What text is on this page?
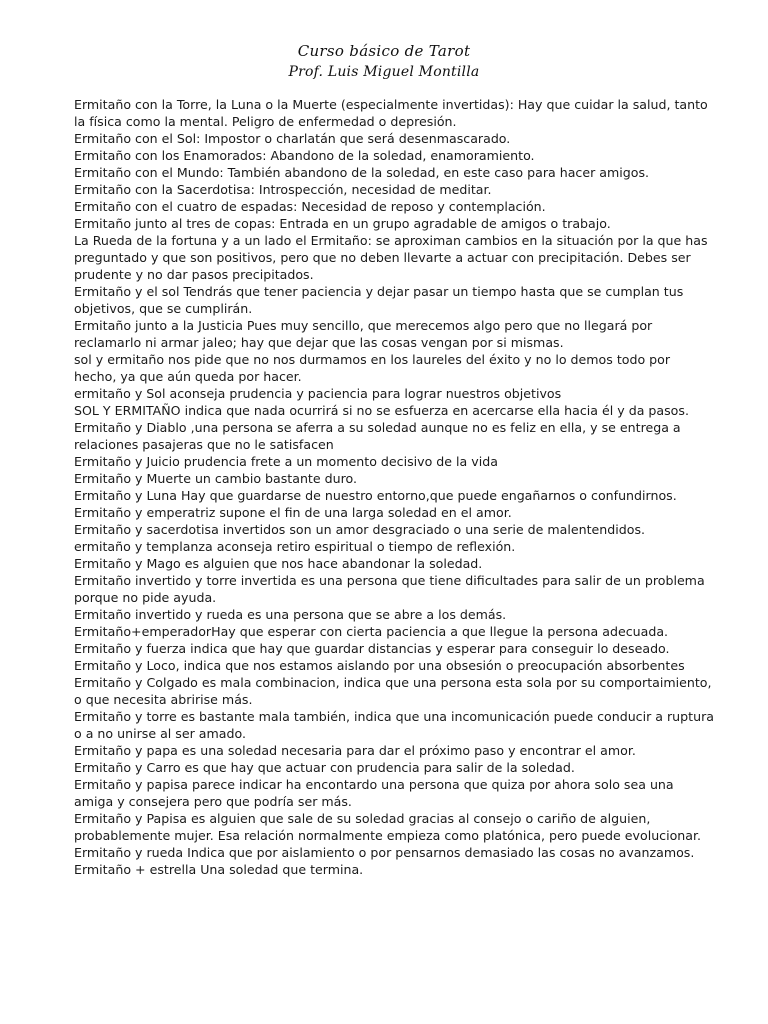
Curso básico de Tarot
Prof. Luis Miguel Montilla

Ermitaño con la Torre, la Luna o la Muerte (especialmente invertidas): Hay que cuidar la salud, tanto la física como la mental. Peligro de enfermedad o depresión.

Ermitaño con el Sol: Impostor o charlatán que será desenmascarado.

Ermitaño con los Enamorados: Abandono de la soledad, enamoramiento.

Ermitaño con el Mundo: También abandono de la soledad, en este caso para hacer amigos.

Ermitaño con la Sacerdotisa: Introspección, necesidad de meditar.

Ermitaño con el cuatro de espadas: Necesidad de reposo y contemplación.

Ermitaño junto al tres de copas: Entrada en un grupo agradable de amigos o trabajo.

La Rueda de la fortuna y a un lado el Ermitaño: se aproximan cambios en la situación por la que has preguntado y que son positivos, pero que no deben llevarte a actuar con precipitación. Debes ser prudente y no dar pasos precipitados.

Ermitaño y el sol Tendrás que tener paciencia y dejar pasar un tiempo hasta que se cumplan tus objetivos, que se cumplirán.

Ermitaño junto a la Justicia Pues muy sencillo, que merecemos algo pero que no llegará por reclamarlo ni armar jaleo; hay que dejar que las cosas vengan por si mismas.

sol y ermitaño nos pide que no nos durmamos en los laureles del éxito y no lo demos todo por hecho, ya que aún queda por hacer.

ermitaño y Sol aconseja prudencia y paciencia para lograr nuestros objetivos

SOL Y ERMITAÑO indica que nada ocurrirá si no se esfuerza en acercarse ella hacia él y da pasos.

Ermitaño y Diablo ,una persona se aferra a su soledad aunque no es feliz en ella, y se entrega a relaciones pasajeras que no le satisfacen

Ermitaño y Juicio prudencia frete a un momento decisivo de la vida

Ermitaño y Muerte un cambio bastante duro.

Ermitaño y Luna Hay que guardarse de nuestro entorno,que puede engañarnos o confundirnos.

Ermitaño y emperatriz supone el fin de una larga soledad en el amor.

Ermitaño y sacerdotisa invertidos son un amor desgraciado o una serie de malentendidos.

ermitaño y templanza aconseja retiro espiritual o tiempo de reflexión.

Ermitaño y Mago es alguien que nos hace abandonar la soledad.

Ermitaño invertido y torre invertida es una persona que tiene dificultades para salir de un problema porque no pide ayuda.

Ermitaño invertido y rueda es una persona que se abre a los demás.

Ermitaño+emperadorHay que esperar con cierta paciencia a que llegue la persona adecuada.

Ermitaño y fuerza indica que hay que guardar distancias y esperar para conseguir lo deseado.

Ermitaño y Loco, indica que nos estamos aislando por una obsesión o preocupación absorbentes

Ermitaño y Colgado es mala combinacion, indica que una persona esta sola por su comportaimiento, o que necesita abririse más.

Ermitaño y torre es bastante mala también, indica que una incomunicación puede conducir a ruptura o a no unirse al ser amado.

Ermitaño y papa es una soledad necesaria para dar el próximo paso y encontrar el amor.

Ermitaño y Carro es que hay que actuar con prudencia para salir de la soledad.

Ermitaño y papisa parece indicar ha encontardo una persona que quiza por ahora solo sea una amiga y consejera pero que podría ser más.

Ermitaño y Papisa es alguien que sale de su soledad gracias al consejo o cariño de alguien, probablemente mujer. Esa relación normalmente empieza como platónica, pero puede evolucionar.

Ermitaño y rueda Indica que por aislamiento o por pensarnos demasiado las cosas no avanzamos.

Ermitaño + estrella Una soledad que termina.
